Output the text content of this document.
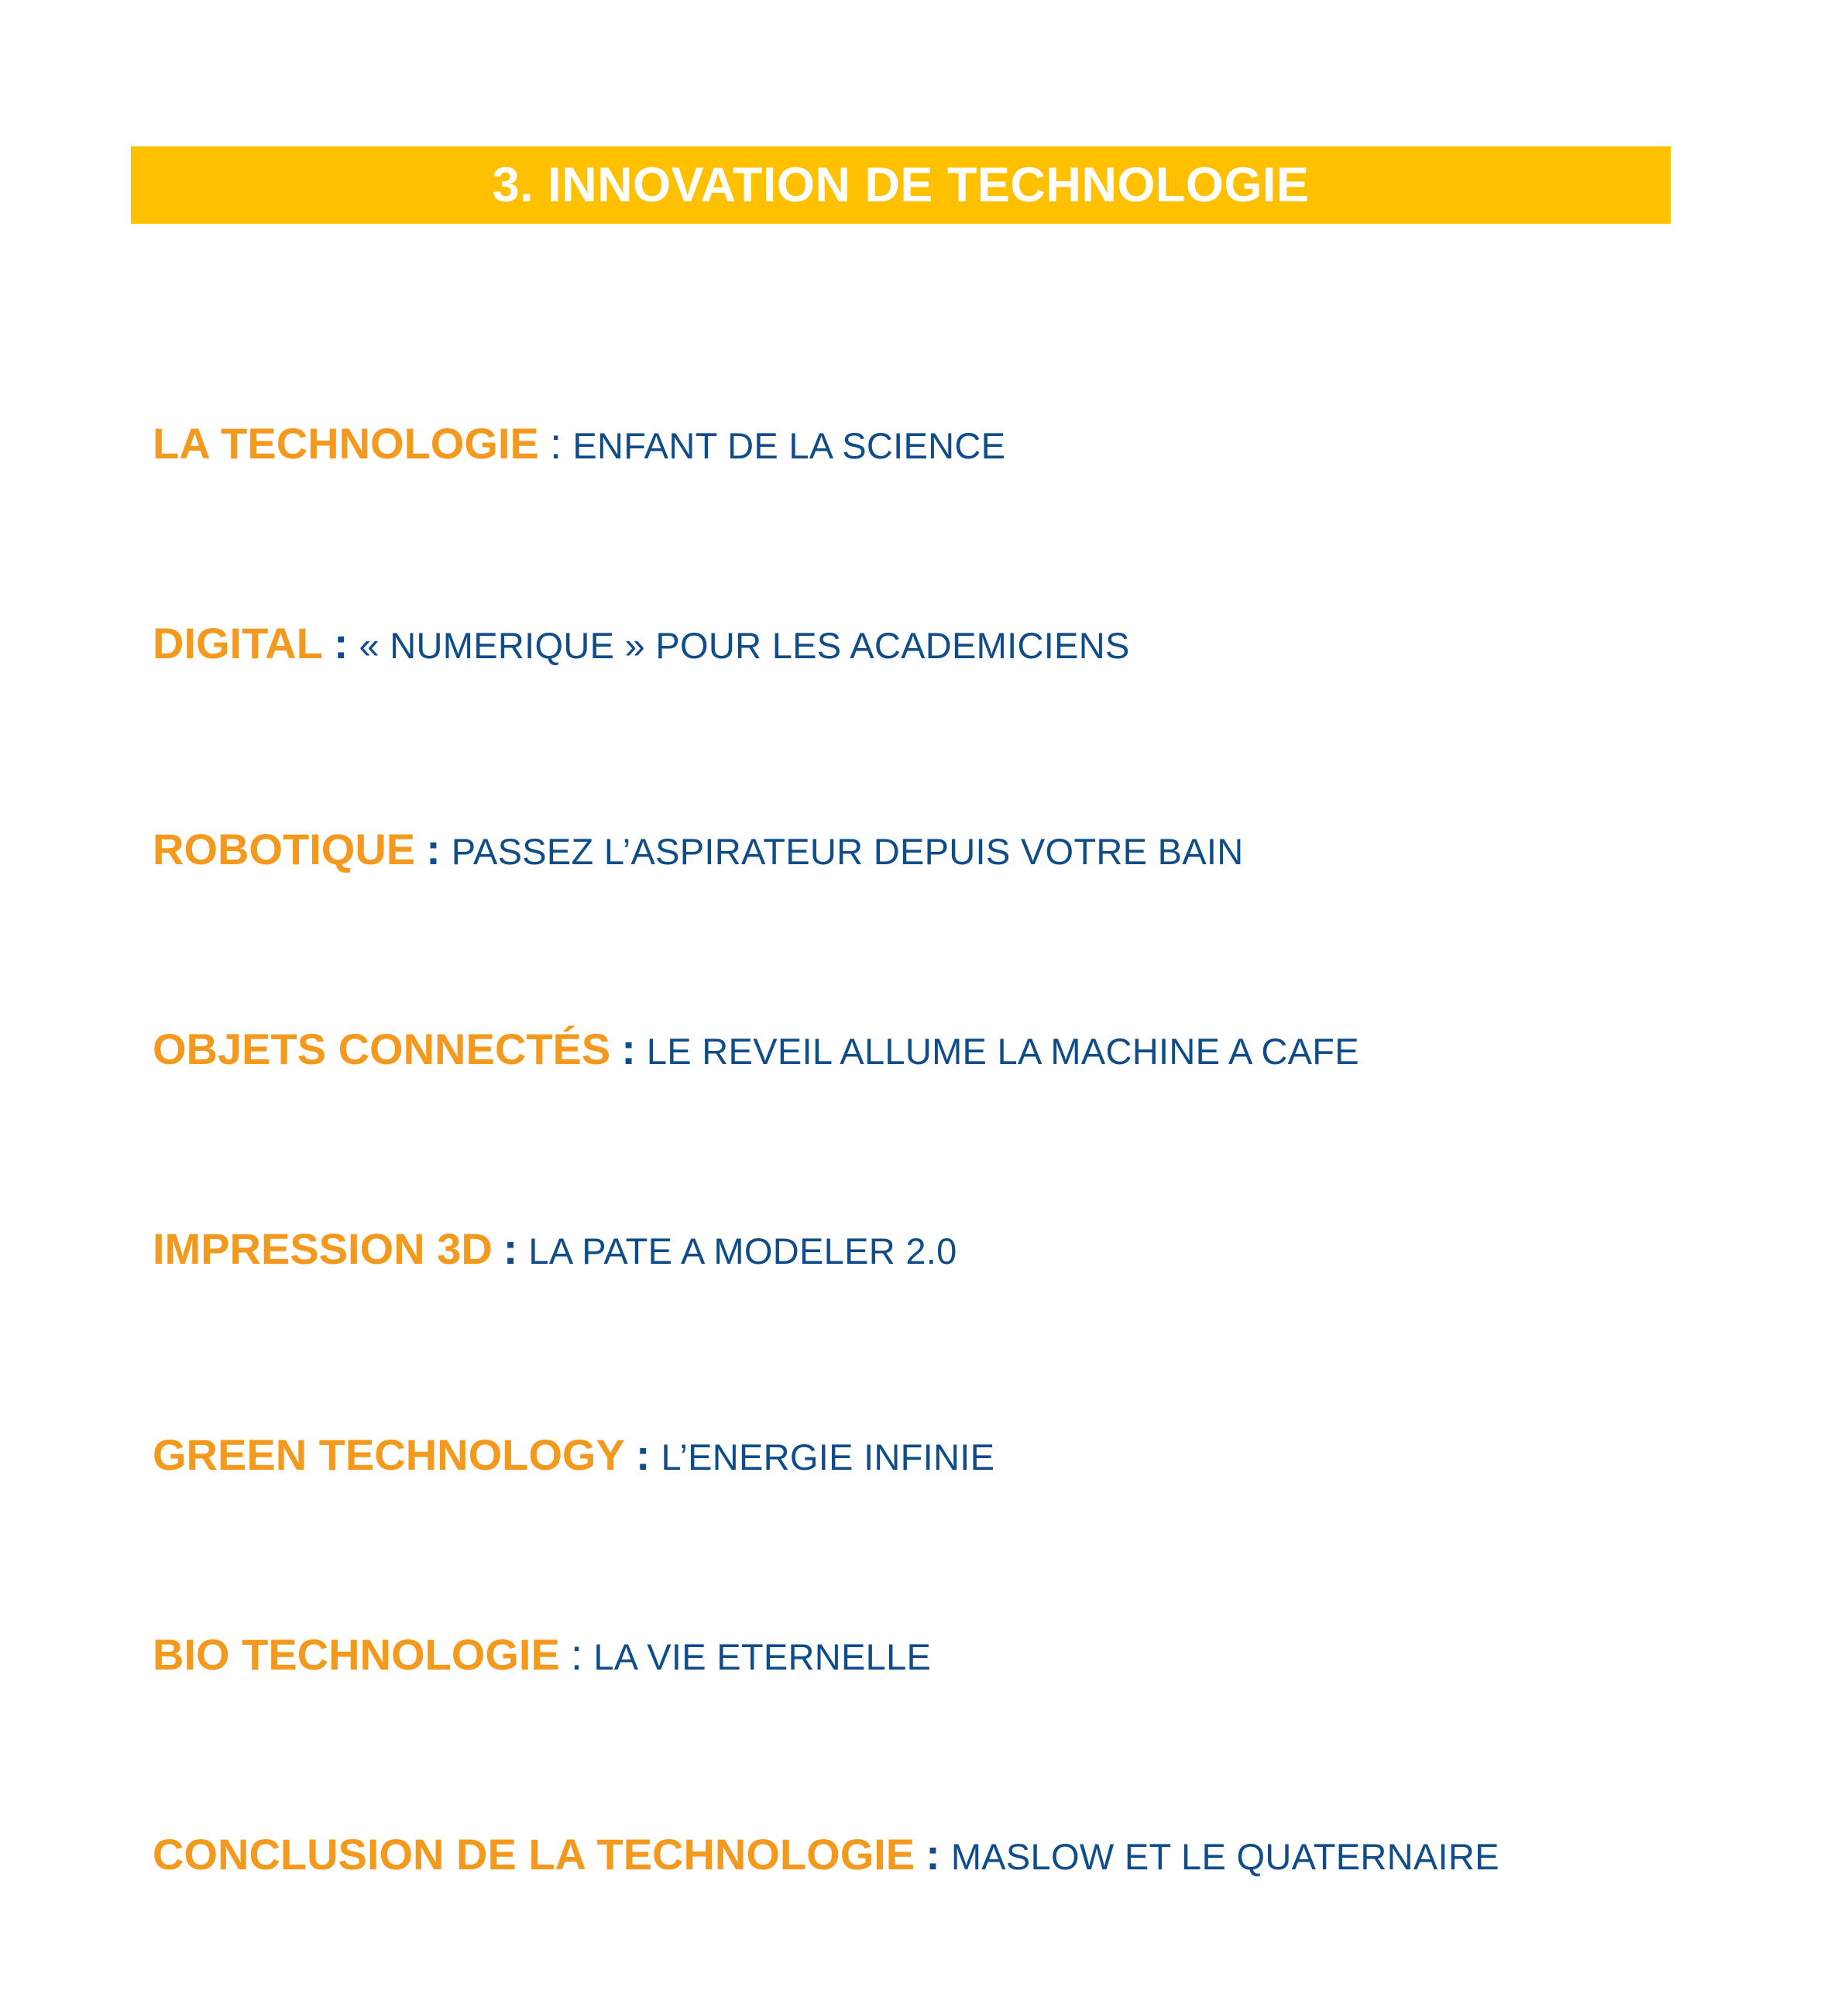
3. INNOVATION DE TECHNOLOGIE
LA TECHNOLOGIE : ENFANT DE LA SCIENCE
DIGITAL : « NUMERIQUE » POUR LES ACADEMICIENS
ROBOTIQUE : PASSEZ L’ASPIRATEUR DEPUIS VOTRE BAIN
OBJETS CONNECTÉS : LE REVEIL ALLUME LA MACHINE A CAFE
IMPRESSION 3D : LA PATE A MODELER 2.0
GREEN TECHNOLOGY : L’ENERGIE INFINIE
BIO TECHNOLOGIE : LA VIE ETERNELLE
CONCLUSION DE LA TECHNOLOGIE : MASLOW ET LE QUATERNAIRE
